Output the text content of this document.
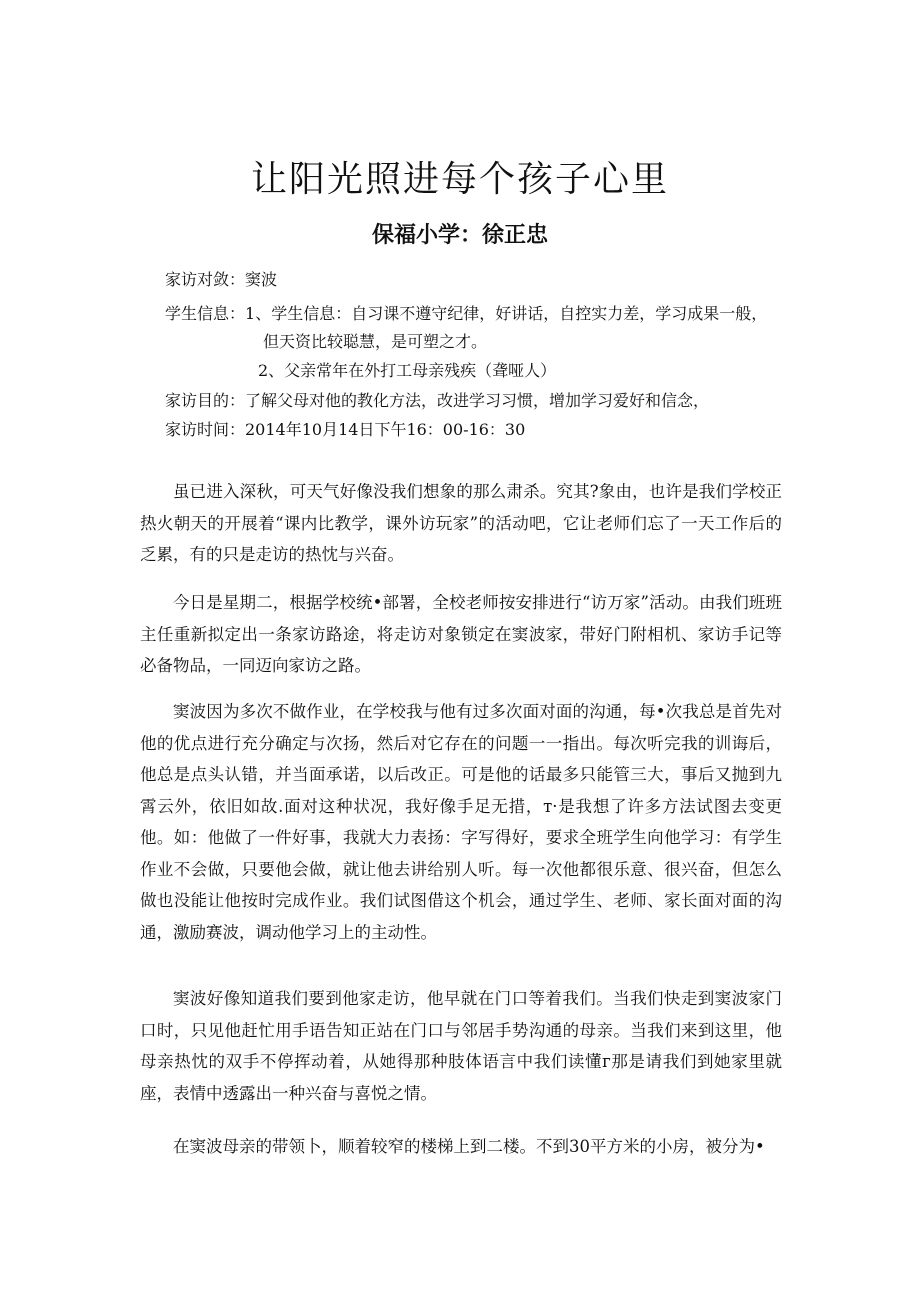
让阳光照进每个孩子心里
保福小学：徐正忠
家访对敛：窦波
学生信息：1、学生信息：自习课不遵守纪律，好讲话，自控实力差，学习成果一般，
但天资比较聪慧，是可塑之才。
2、父亲常年在外打工母亲残疾（聋哑人）
家访目的：了解父母对他的教化方法，改进学习习惯，增加学习爱好和信念，
家访时间：2014年10月14日下午16：00-16：30
虽已进入深秋，可天气好像没我们想象的那么肃杀。究其?象由，也许是我们学校正热火朝天的开展着“课内比教学，课外访玩家”的活动吧，它让老师们忘了一天工作后的乏累，有的只是走访的热忱与兴奋。
今日是星期二，根据学校统•部署，全校老师按安排进行“访万家”活动。由我们班班主任重新拟定出一条家访路途，将走访对象锁定在窦波家，带好门附相机、家访手记等必备物品，一同迈向家访之路。
窦波因为多次不做作业，在学校我与他有过多次面对面的沟通，每•次我总是首先对他的优点进行充分确定与次扬，然后对它存在的问题一一指出。每次听完我的训诲后，他总是点头认错，并当面承诺，以后改正。可是他的话最多只能管三大，事后又抛到九霄云外，依旧如故.面对这种状况，我好像手足无措，т·是我想了许多方法试图去变更他。如：他做了一件好事，我就大力表扬：字写得好，要求全班学生向他学习：有学生作业不会做，只要他会做，就让他去讲给别人听。每一次他都很乐意、很兴奋，但怎么做也没能让他按时完成作业。我们试图借这个机会，通过学生、老师、家长面对面的沟通，激励赛波，调动他学习上的主动性。
窦波好像知道我们要到他家走访，他早就在门口等着我们。当我们快走到窦波家门口时，只见他赶忙用手语告知正站在门口与邻居手势沟通的母亲。当我们来到这里，他母亲热忱的双手不停挥动着，从她得那种肢体语言中我们读懂г那是请我们到她家里就座，表情中透露出一种兴奋与喜悦之情。
在窦波母亲的带领卜，顺着较窄的楼梯上到二楼。不到30平方米的小房，被分为•
